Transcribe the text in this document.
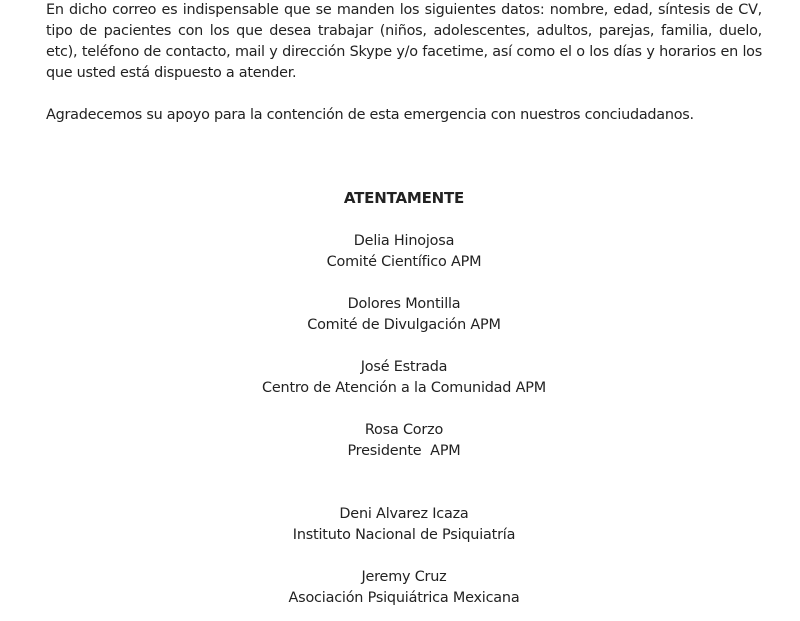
En dicho correo es indispensable que se manden los siguientes datos: nombre, edad, síntesis de CV, tipo de pacientes con los que desea trabajar (niños, adolescentes, adultos, parejas, familia, duelo, etc), teléfono de contacto, mail y dirección Skype y/o facetime, así como el o los días y horarios en los que usted está dispuesto a atender.

Agradecemos su apoyo para la contención de esta emergencia con nuestros conciudadanos.

ATENTAMENTE

Delia Hinojosa
Comité Científico APM
Dolores Montilla
Comité de Divulgación APM
José Estrada
Centro de Atención a la Comunidad APM
Rosa Corzo
Presidente  APM
Deni Alvarez Icaza
Instituto Nacional de Psiquiatría
Jeremy Cruz
Asociación Psiquiátrica Mexicana
